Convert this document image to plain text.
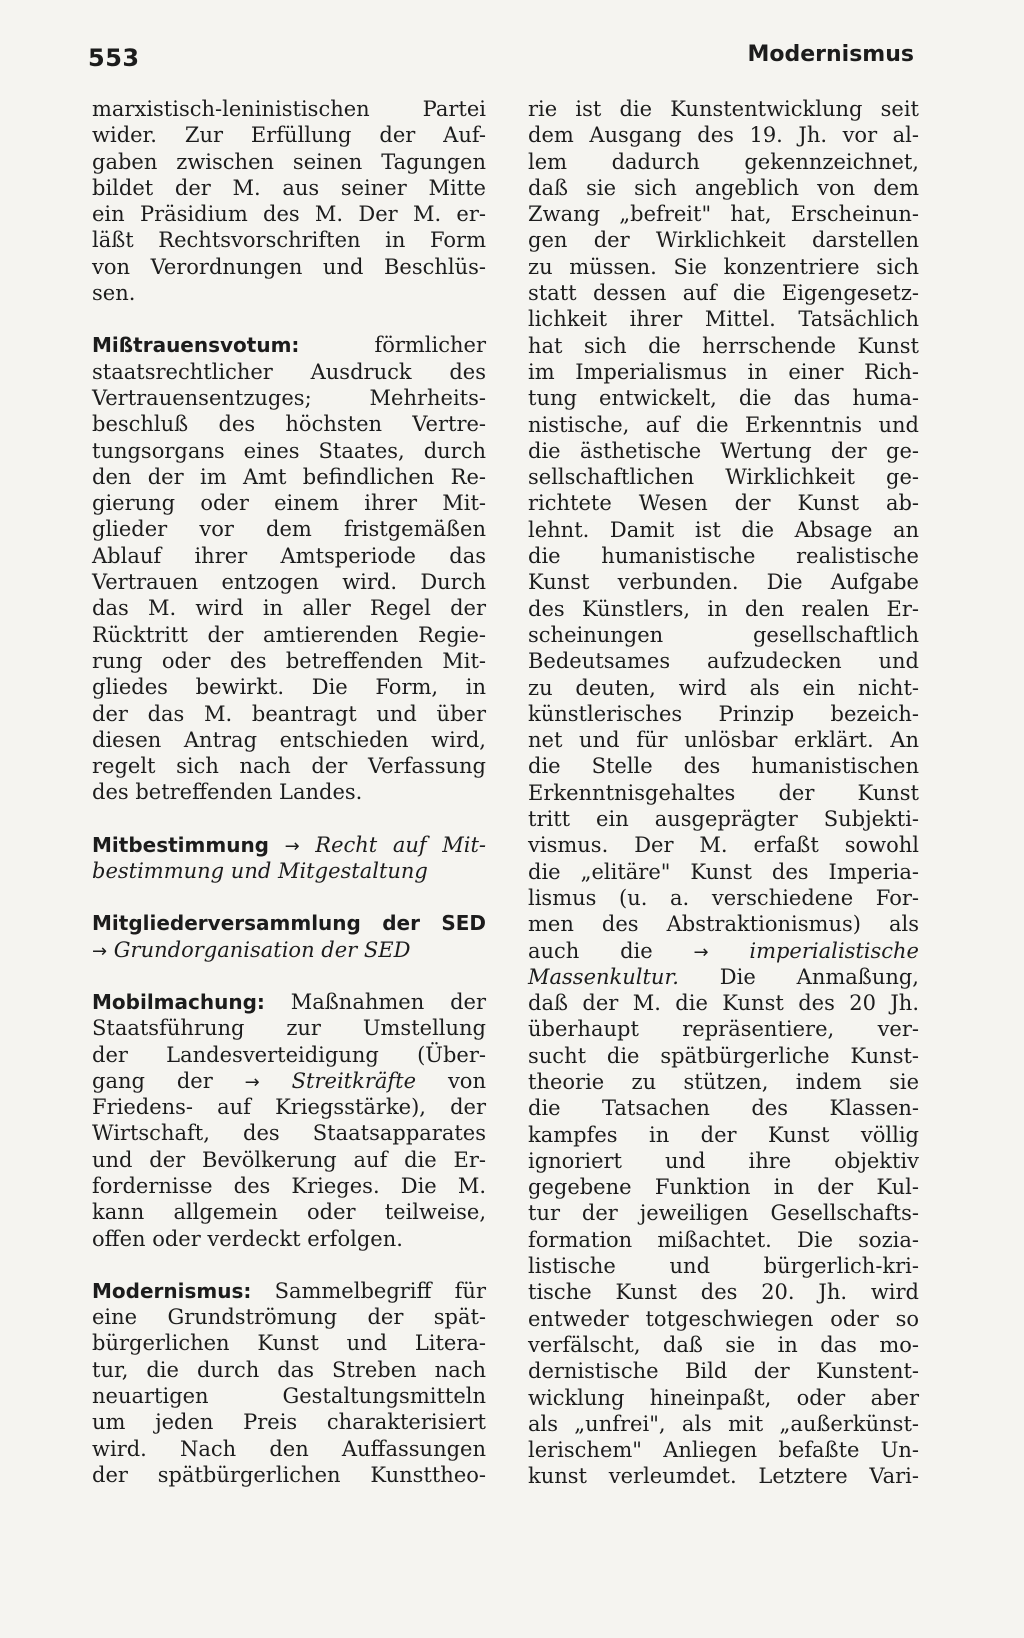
553	Modernismus
marxistisch-leninistischen Partei
wider. Zur Erfüllung der Auf-
gaben zwischen seinen Tagungen
bildet der M. aus seiner Mitte
ein Präsidium des M. Der M. er-
läßt Rechtsvorschriften in Form
von Verordnungen und Beschlüs-
sen.
Mißtrauensvotum:	förmlicher
staatsrechtlicher Ausdruck des
Vertrauensentzuges; Mehrheits-
beschluß des höchsten Vertre-
tungsorgans eines Staates, durch
den der im Amt befindlichen Re-
gierung oder einem ihrer Mit-
glieder vor dem fristgemäßen
Ablauf ihrer Amtsperiode das
Vertrauen entzogen wird. Durch
das M. wird in aller Regel der
Rücktritt der amtierenden Regie-
rung oder des betreffenden Mit-
gliedes bewirkt. Die Form, in
der das M. beantragt und über
diesen Antrag entschieden wird,
regelt sich nach der Verfassung
des betreffenden Landes.
Mitbestimmung → Recht auf Mit-
bestimmung und Mitgestaltung
Mitgliederversammlung der SED
→ Grundorganisation der SED
Mobilmachung: Maßnahmen der
Staatsführung zur Umstellung
der Landesverteidigung (Über-
gang der → Streitkräfte von
Friedens- auf Kriegsstärke), der
Wirtschaft, des Staatsapparates
und der Bevölkerung auf die Er-
fordernisse des Krieges. Die M.
kann allgemein oder teilweise,
offen oder verdeckt erfolgen.
Modernismus: Sammelbegriff für
eine Grundströmung der spät-
bürgerlichen Kunst und Litera-
tur, die durch das Streben nach
neuartigen Gestaltungsmitteln
um jeden Preis charakterisiert
wird. Nach den Auffassungen
der spätbürgerlichen Kunsttheo-
rie ist die Kunstentwicklung seit
dem Ausgang des 19. Jh. vor al-
lem dadurch gekennzeichnet,
daß sie sich angeblich von dem
Zwang „befreit" hat, Erscheinun-
gen der Wirklichkeit darstellen
zu müssen. Sie konzentriere sich
statt dessen auf die Eigengesetz-
lichkeit ihrer Mittel. Tatsächlich
hat sich die herrschende Kunst
im Imperialismus in einer Rich-
tung entwickelt, die das huma-
nistische, auf die Erkenntnis und
die ästhetische Wertung der ge-
sellschaftlichen Wirklichkeit ge-
richtete Wesen der Kunst ab-
lehnt. Damit ist die Absage an
die humanistische realistische
Kunst verbunden. Die Aufgabe
des Künstlers, in den realen Er-
scheinungen gesellschaftlich
Bedeutsames aufzudecken und
zu deuten, wird als ein nicht-
künstlerisches Prinzip bezeich-
net und für unlösbar erklärt. An
die Stelle des humanistischen
Erkenntnisgehaltes der Kunst
tritt ein ausgeprägter Subjekti-
vismus. Der M. erfaßt sowohl
die „elitäre" Kunst des Imperia-
lismus (u. a. verschiedene For-
men des Abstraktionismus) als
auch die → imperialistische
Massenkultur. Die Anmaßung,
daß der M. die Kunst des 20 Jh.
überhaupt repräsentiere, ver-
sucht die spätbürgerliche Kunst-
theorie zu stützen, indem sie
die Tatsachen des Klassen-
kampfes in der Kunst völlig
ignoriert und ihre objektiv
gegebene Funktion in der Kul-
tur der jeweiligen Gesellschafts-
formation mißachtet. Die sozia-
listische und bürgerlich-kri-
tische Kunst des 20. Jh. wird
entweder totgeschwiegen oder so
verfälscht, daß sie in das mo-
dernistische Bild der Kunstent-
wicklung hineinpaßt, oder aber
als „unfrei", als mit „außerkünst-
lerischem" Anliegen befaßte Un-
kunst verleumdet. Letztere Vari-
